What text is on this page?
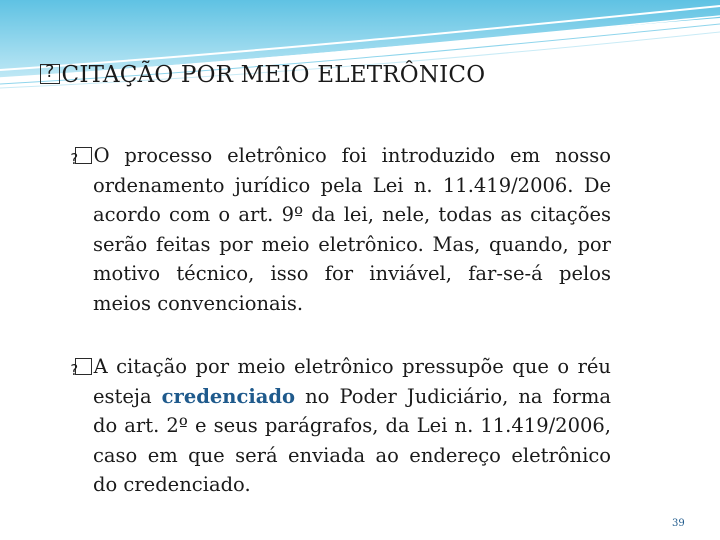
?CITAÇÃO POR MEIO ELETRÔNICO
?O processo eletrônico foi introduzido em nosso ordenamento jurídico pela Lei n. 11.419/2006. De acordo com o art. 9º da lei, nele, todas as citações serão feitas por meio eletrônico. Mas, quando, por motivo técnico, isso for inviável, far-se-á pelos meios convencionais.
?A citação por meio eletrônico pressupõe que o réu esteja credenciado no Poder Judiciário, na forma do art. 2º e seus parágrafos, da Lei n. 11.419/2006, caso em que será enviada ao endereço eletrônico do credenciado.
39
